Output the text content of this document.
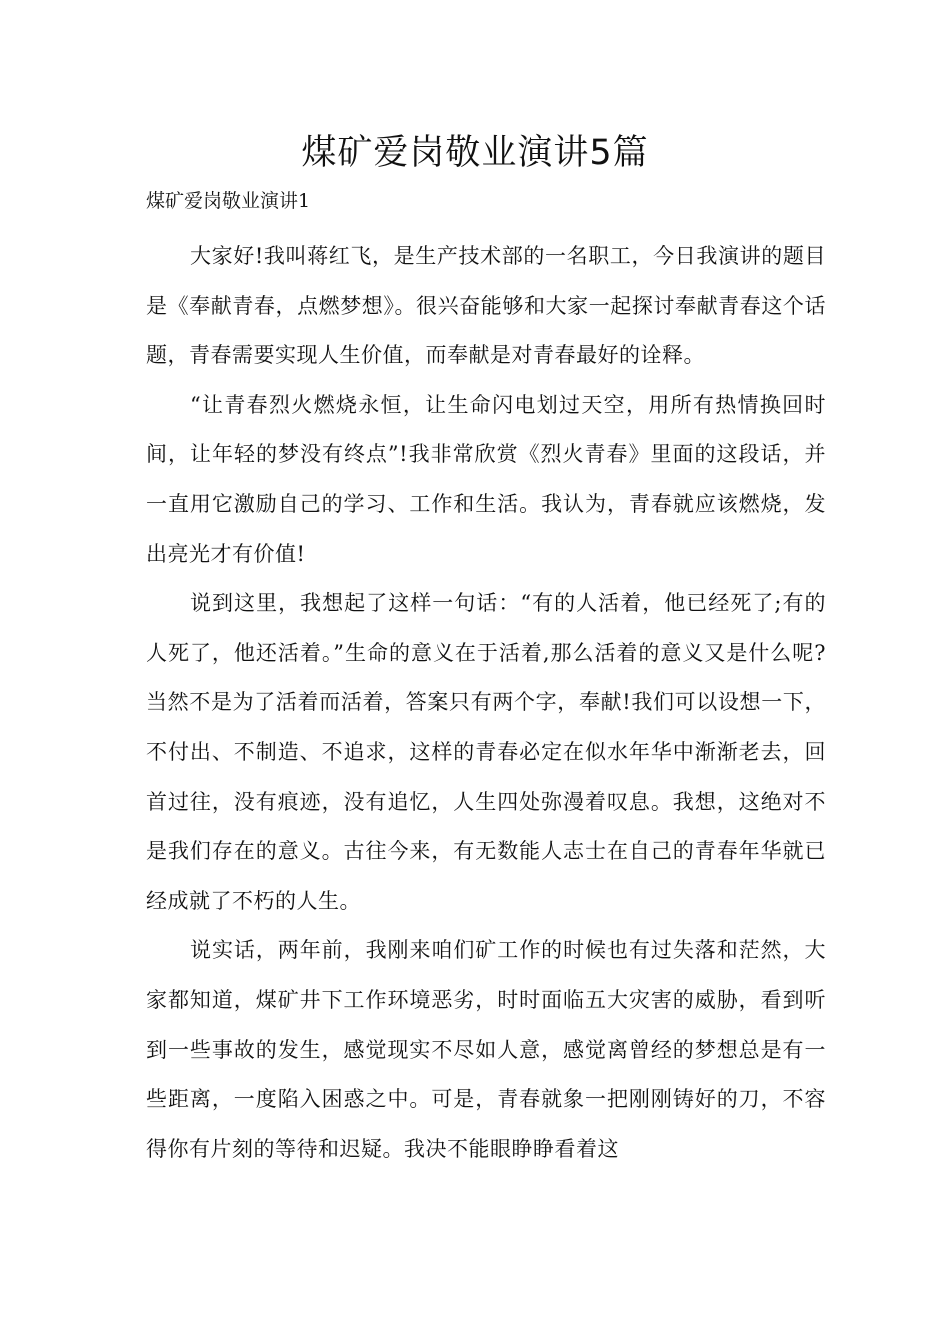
煤矿爱岗敬业演讲5篇

煤矿爱岗敬业演讲1

大家好!我叫蒋红飞，是生产技术部的一名职工，今日我演讲的题目是《奉献青春，点燃梦想》。很兴奋能够和大家一起探讨奉献青春这个话题，青春需要实现人生价值，而奉献是对青春最好的诠释。

“让青春烈火燃烧永恒，让生命闪电划过天空，用所有热情换回时间，让年轻的梦没有终点”!我非常欣赏《烈火青春》里面的这段话，并一直用它激励自己的学习、工作和生活。我认为，青春就应该燃烧，发出亮光才有价值!

说到这里，我想起了这样一句话：“有的人活着，他已经死了;有的人死了，他还活着。”生命的意义在于活着,那么活着的意义又是什么呢?当然不是为了活着而活着，答案只有两个字，奉献!我们可以设想一下，不付出、不制造、不追求，这样的青春必定在似水年华中渐渐老去，回首过往，没有痕迹，没有追忆，人生四处弥漫着叹息。我想，这绝对不是我们存在的意义。古往今来，有无数能人志士在自己的青春年华就已经成就了不朽的人生。

说实话，两年前，我刚来咱们矿工作的时候也有过失落和茫然，大家都知道，煤矿井下工作环境恶劣，时时面临五大灾害的威胁，看到听到一些事故的发生，感觉现实不尽如人意，感觉离曾经的梦想总是有一些距离，一度陷入困惑之中。可是，青春就象一把刚刚铸好的刀，不容得你有片刻的等待和迟疑。我决不能眼睁睁看着这
